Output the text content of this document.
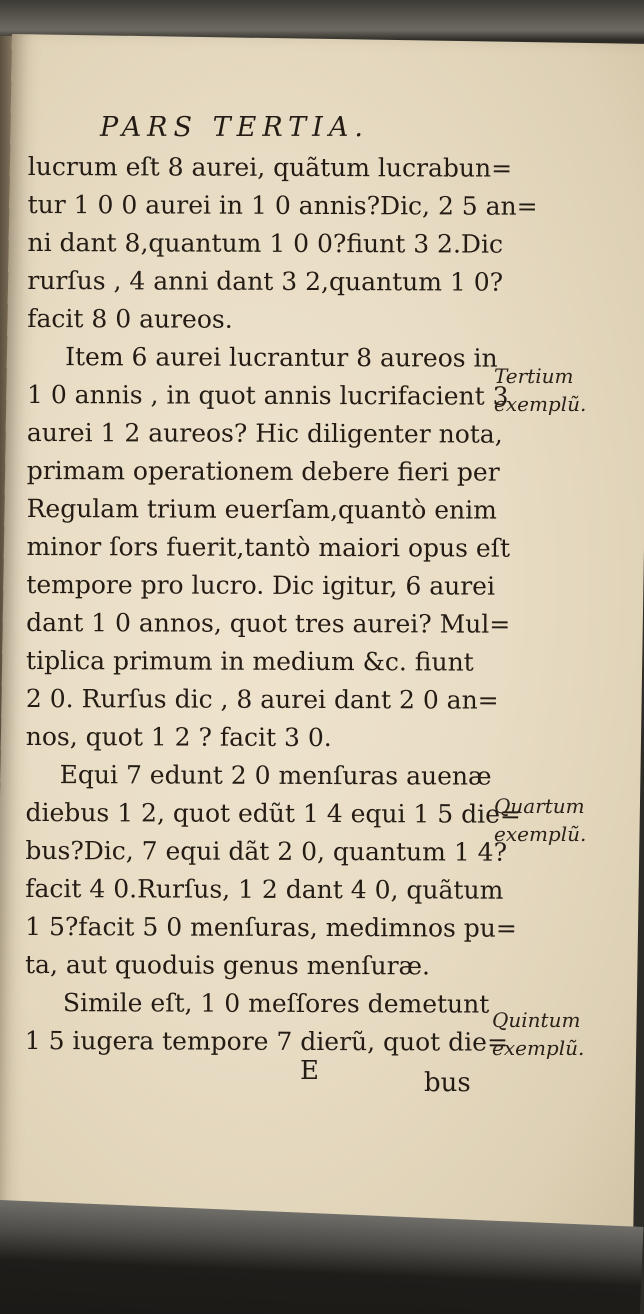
PARS TERTIA.
lucrum eſt 8 aurei, quãtum lucrabun=
tur 1 0 0 aurei in 1 0 annis?Dic, 2 5 an=
ni dant 8,quantum 1 0 0?fiunt 3 2.Dic
rurſus , 4 anni dant 3 2,quantum 1 0?
facit 8 0 aureos.
Item 6 aurei lucrantur 8 aureos in
1 0 annis , in quot annis lucrifacient 3
aurei 1 2 aureos? Hic diligenter nota,
primam operationem debere fieri per
Regulam trium euerſam,quantò enim
minor ſors fuerit,tantò maiori opus eſt
tempore pro lucro. Dic igitur, 6 aurei
dant 1 0 annos, quot tres aurei? Mul=
tiplica primum in medium &c. fiunt
2 0. Rurſus dic , 8 aurei dant 2 0 an=
nos, quot 1 2 ? facit 3 0.
Equi 7 edunt 2 0 menſuras auenæ
diebus 1 2, quot edũt 1 4 equi 1 5 die=
bus?Dic, 7 equi dãt 2 0, quantum 1 4?
facit 4 0.Rurſus, 1 2 dant 4 0, quãtum
1 5?facit 5 0 menſuras, medimnos pu=
ta, aut quoduis genus menſuræ.
Simile eſt, 1 0 meſſores demetunt
1 5 iugera tempore 7 dierũ, quot die=
Tertium
exemplũ.
Quartum
exemplũ.
Quintum
exemplũ.
E	bus
